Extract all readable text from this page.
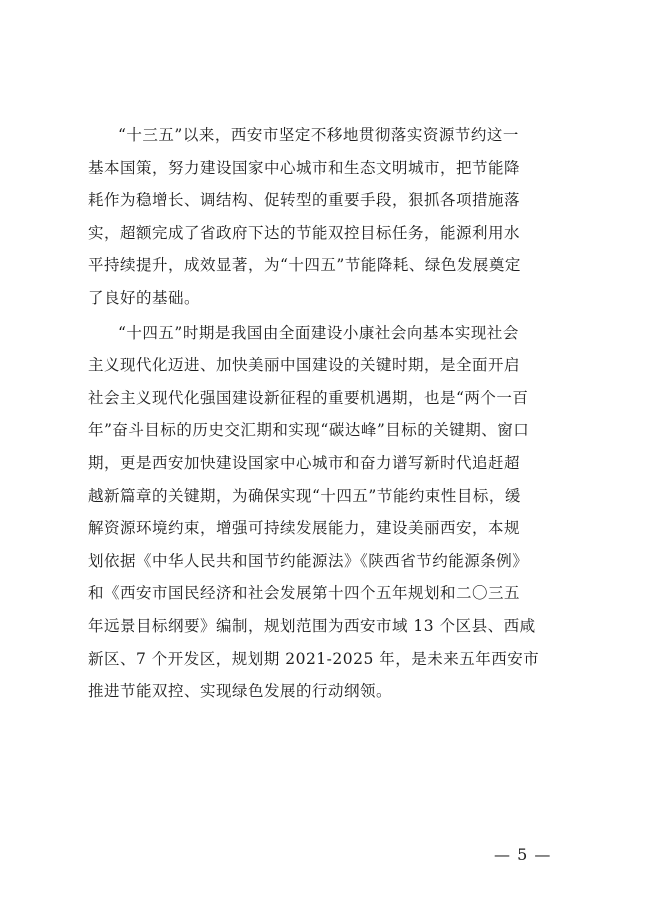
“十三五”以来，西安市坚定不移地贯彻落实资源节约这一
基本国策，努力建设国家中心城市和生态文明城市，把节能降
耗作为稳增长、调结构、促转型的重要手段，狠抓各项措施落
实，超额完成了省政府下达的节能双控目标任务，能源利用水
平持续提升，成效显著，为“十四五”节能降耗、绿色发展奠定
了良好的基础。

“十四五”时期是我国由全面建设小康社会向基本实现社会
主义现代化迈进、加快美丽中国建设的关键时期，是全面开启
社会主义现代化强国建设新征程的重要机遇期，也是“两个一百
年”奋斗目标的历史交汇期和实现“碳达峰”目标的关键期、窗口
期，更是西安加快建设国家中心城市和奋力谱写新时代追赶超
越新篇章的关键期，为确保实现“十四五”节能约束性目标，缓
解资源环境约束，增强可持续发展能力，建设美丽西安，本规
划依据《中华人民共和国节约能源法》《陕西省节约能源条例》
和《西安市国民经济和社会发展第十四个五年规划和二〇三五
年远景目标纲要》编制，规划范围为西安市域 13 个区县、西咸
新区、7 个开发区，规划期 2021-2025 年，是未来五年西安市
推进节能双控、实现绿色发展的行动纲领。

— 5 —
